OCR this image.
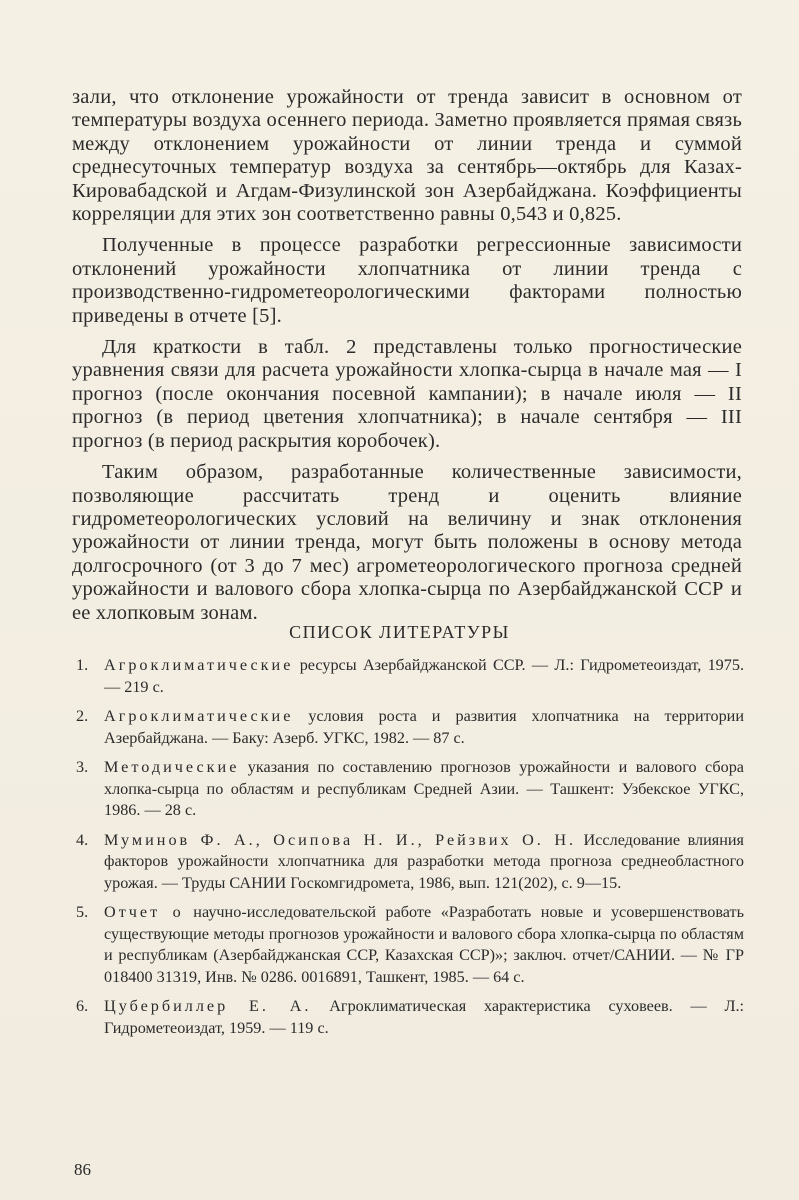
зали, что отклонение урожайности от тренда зависит в основном от температуры воздуха осеннего периода. Заметно проявляется прямая связь между отклонением урожайности от линии тренда и суммой среднесуточных температур воздуха за сентябрь—октябрь для Казах-Кировабадской и Агдам-Физулинской зон Азербайджана. Коэффициенты корреляции для этих зон соответственно равны 0,543 и 0,825.

Полученные в процессе разработки регрессионные зависимости отклонений урожайности хлопчатника от линии тренда с производственно-гидрометеорологическими факторами полностью приведены в отчете [5].

Для краткости в табл. 2 представлены только прогностические уравнения связи для расчета урожайности хлопка-сырца в начале мая — I прогноз (после окончания посевной кампании); в начале июля — II прогноз (в период цветения хлопчатника); в начале сентября — III прогноз (в период раскрытия коробочек).

Таким образом, разработанные количественные зависимости, позволяющие рассчитать тренд и оценить влияние гидрометеорологических условий на величину и знак отклонения урожайности от линии тренда, могут быть положены в основу метода долгосрочного (от 3 до 7 мес) агрометеорологического прогноза средней урожайности и валового сбора хлопка-сырца по Азербайджанской ССР и ее хлопковым зонам.

СПИСОК ЛИТЕРАТУРЫ
1. Агроклиматические ресурсы Азербайджанской ССР. — Л.: Гидрометеоиздат, 1975. — 219 с.
2. Агроклиматические условия роста и развития хлопчатника на территории Азербайджана. — Баку: Азерб. УГКС, 1982. — 87 с.
3. Методические указания по составлению прогнозов урожайности и валового сбора хлопка-сырца по областям и республикам Средней Азии. — Ташкент: Узбекское УГКС, 1986. — 28 с.
4. Муминов Ф. А., Осипова Н. И., Рейзвих О. Н. Исследование влияния факторов урожайности хлопчатника для разработки метода прогноза среднеобластного урожая. — Труды САНИИ Госкомгидромета, 1986, вып. 121(202), с. 9—15.
5. Отчет о научно-исследовательской работе «Разработать новые и усовершенствовать существующие методы прогнозов урожайности и валового сбора хлопка-сырца по областям и республикам (Азербайджанская ССР, Казахская ССР)»; заключ. отчет/САНИИ. — № ГР 018400 31319, Инв. № 0286. 0016891, Ташкент, 1985. — 64 с.
6. Цубербиллер Е. А. Агроклиматическая характеристика суховеев. — Л.: Гидрометеоиздат, 1959. — 119 с.
86
